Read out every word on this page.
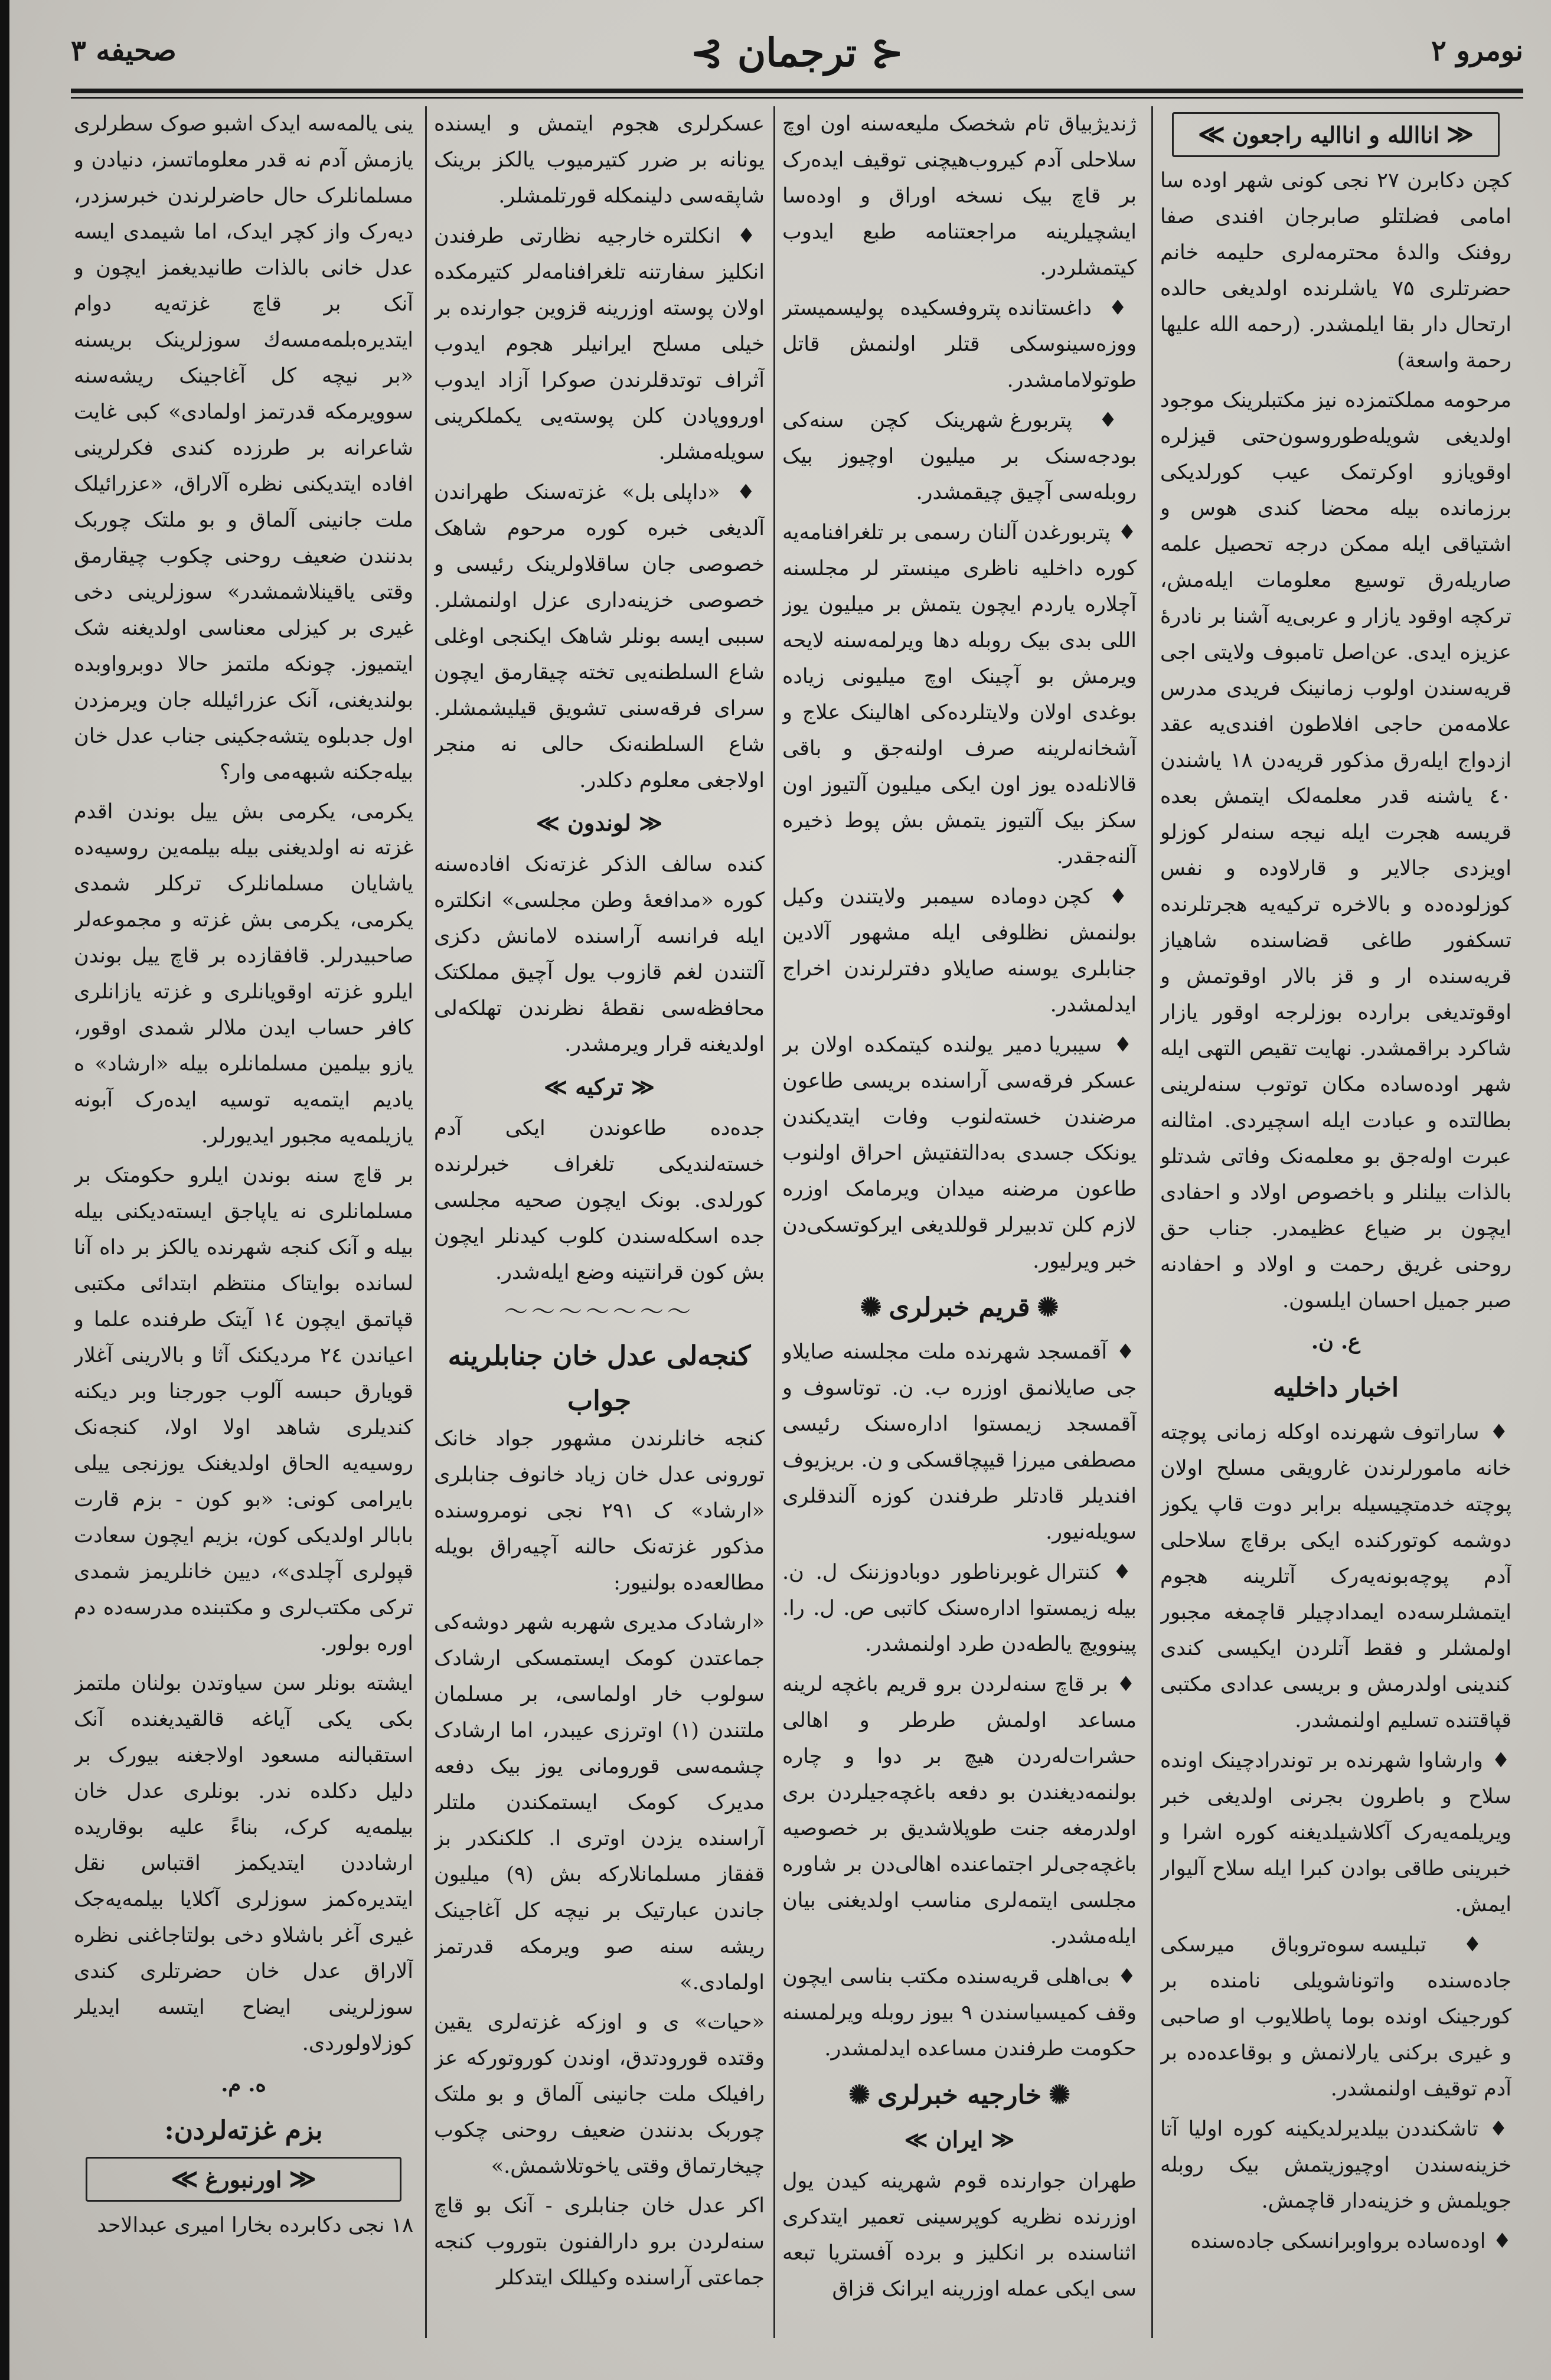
نومرو ۲
⊰
ترجمان
⊱
صحیفه ۳
≪اناالله و اناالیه راجعون≫

کچن دکابرن ۲۷ نجی کونی شهر اوده سا امامی فضلتلو صابرجان افندی صفا روفنک والدهٔ محترمه‌لری حلیمه خانم حضرتلری ۷۵ یاشلرنده اولدیغی حالده ارتحال دار بقا ایلمشدر. (رحمه الله علیها رحمة واسعة)

مرحومه مملکتمزده نیز مکتبلرینک موجود اولدیغی شویله‌طوروسون‌حتی قیزلره اوقویازو اوکرتمک عیب کورلدیکی برزمانده بیله محضا کندی هوس و اشتیاقی ایله ممکن درجه تحصیل علمه صاریلەرق توسیع معلومات ایلەمش، ترکچه اوقود یازار و عربی‌یه آشنا بر نادرهٔ عزیزه ایدی. عن‌اصل تامبوف ولایتی اجی قریه‌سندن اولوب زمانینک فریدی مدرس علامەمن حاجی افلاطون افندی‌یه عقد ازدواج ایله‌رق مذکور قریەدن ۱۸ یاشندن ٤٠ یاشنه قدر معلمەلک ایتمش بعده قریسه هجرت ایله نیجه سنه‌لر کوزلو اویزدی جالایر و قارلاوده و نفس کوزلوده‌ده و بالاخره ترکیه‌یه هجرتلرنده تسکفور طاغی قضاسنده شاهیاز قریه‌سنده ار و قز بالار اوقوتمش و اوقوتدیغی برارده بوزلرجه اوقور یازار شاکرد براقمشدر. نهایت تقیص التهی ایله شهر اوده‌ساده مکان توتوب سنەلرینی بطالتده و عبادت ایله اسچیردی. امثالنه عبرت اولەجق بو معلمه‌نک وفاتی شدتلو بالذات بیلنلر و باخصوص اولاد و احفادی ایچون بر ضیاع عظیمدر. جناب حق روحنی غریق رحمت و اولاد و احفادنه صبر جمیل احسان ایلسون.

ع. ن.
اخبار داخلیه

♦ ساراتوف شهرنده اوکله زمانی پوچته خانه مامورلرندن غارویقی مسلح اولان پوچته خدمتچیسیله برابر دوت قاپ یکوز دوشمه کوتورکنده ایکی برقاچ سلاحلی آدم پوچه‌بونه‌یەرک آتلرینه هجوم ایتمشلرسه‌ده ایمدادچیلر قاچمغه مجبور اولمشلر و فقط آتلردن ایکیسی کندی کندینی اولدرمش و بریسی عدادی مکتبی قپاقتنده تسلیم اولنمشدر.

♦ وارشاوا شهرنده بر توندرادچینک اونده سلاح و باطرون بجرنی اولدیغی خبر ویریلمه‌یەرک آکلاشیلدیغنه کوره اشرا و خبرینی طاقی بوادن کبرا ایله سلاح آلیوار ایمش.

♦ تبلیسه سوه‌تروباق میرسکی جاده‌سنده واتوناشویلی نامنده بر کورجینک اونده بوما پاطلایوب او صاحبی و غیری برکنی یارلانمش و بوقاعده‌ده بر آدم توقیف اولنمشدر.

♦ تاشکنددن بیلدیرلدیکینه کوره اولیا آتا خزینه‌سندن اوچیوزیتمش بیک روبله جویلمش و خزینه‌دار قاچمش.

♦ اوده‌ساده برواوبرانسکی جاده‌سنده

ژندیژبیاق تام شخصک ملیعه‌سنه اون اوچ سلاحلی آدم کیروب‌هیچنی توقیف ایده‌رک بر قاچ بیک نسخه اوراق و اوده‌سا ایشچیلرینه مراجعتنامه طبع ایدوب کیتمشلردر.

♦ داغستانده پتروفسکیده پولیسمیستر ووزه‌سینوسکی قتلر اولنمش قاتل طوتولامامشدر.

♦ پتربورغ شهرینک کچن سنه‌کی بودجه‌سنک بر میلیون اوچیوز بیک روبله‌سی آچیق چیقمشدر.

♦ پتربورغدن آلنان رسمی بر تلغرافنامه‌یه کوره داخلیه ناظری مینستر لر مجلسنه آچلاره یاردم ایچون یتمش بر میلیون یوز اللی بدی بیک روبله دها ویرلمه‌سنه لایحه ویرمش بو آچینک اوچ میلیونی زیاده بوغدی اولان ولایتلرده‌کی اهالینک علاج و آشخانه‌لرینه صرف اولنەجق و باقی قالانلەده یوز اون ایکی میلیون آلتیوز اون سکز بیک آلتیوز یتمش بش پوط ذخیره آلنه‌جقدر.

♦ کچن دوماده سیمبر ولایتندن وکیل بولنمش نظلوفی ایله مشهور آلادین جنابلری یوسنه صایلاو دفترلرندن اخراج ایدلمشدر.

♦ سیبریا دمیر یولنده کیتمکده اولان بر عسکر فرقه‌سی آراسنده بریسی طاعون مرضندن خسته‌لنوب وفات ایتدیکندن یونکک جسدی بەدالتفتیش احراق اولنوب طاعون مرضنه میدان ویرمامک اوزره لازم کلن تدبیرلر قوللدیغی ایرکوتسکی‌دن خبر ویرلیور.

✺قریم خبرلری✺

♦ آقمسجد شهرنده ملت مجلسنه صایلاو جی صایلانمق اوزره ب. ن. توتاسوف و آقمسجد زیمستوا اداره‌سنک رئیسی مصطفی میرزا قیپچاقسکی و ن. بریزیوف افندیلر قادتلر طرفندن کوزه آلندقلری سویله‌نیور.

♦ کنترال غوبرناطور دوبادوزننک ل. ن. بیله زیمستوا اداره‌سنک کاتبی ص. ل. را. پینوویچ یالطه‌دن طرد اولنمشدر.

♦ بر قاچ سنەلردن برو قریم باغچه لرینه مساعد اولمش طرطر و اهالی حشرات‌لەردن هیچ بر دوا و چاره بولنمه‌دیغندن بو دفعه باغچه‌جیلردن بری اولدرمغه جنت طوپلاشدیق بر خصوصیه باغچه‌جی‌لر اجتماعنده اهالی‌دن بر شاوره مجلسی ایتمه‌لری مناسب اولدیغنی بیان ایلەمشدر.

♦ بی‌اهلی قریه‌سنده مکتب بناسی ایچون وقف کمیسیاسندن ۹ بیوز روبله ویرلمسنه حکومت طرفندن مساعده ایدلمشدر.

✺خارجیه خبرلری✺
≪ ایران ≫

طهران جوارنده قوم شهرینه کیدن یول اوزرنده نظریه کوپرسینی تعمیر ایتدکری اثناسنده بر انکلیز و برده آفستریا تبعه سی ایکی عمله اوزرینه ایرانک قزاق

عسکرلری هجوم ایتمش و ایسنده یونانه بر ضرر کتیرمیوب یالکز برینک شاپقه‌سی دلینمکله قورتلمشلر.

♦ انکلتره خارجیه نظارتی طرفندن انکلیز سفارتنه تلغرافنامه‌لر کتیرمکده اولان پوسته اوزرینه قزوین جوارنده بر خیلی مسلح ایرانیلر هجوم ایدوب آثراف توتدقلرندن صوکرا آزاد ایدوب اورووپادن کلن پوسته‌یی یکملکرینی سویله‌مشلر.

♦ «داپلی بل» غزته‌سنک طهراندن آلدیغی خبره کوره مرحوم شاهک خصوصی جان ساقلاولرینک رئیسی و خصوصی خزینه‌داری عزل اولنمشلر. سببی ایسه بونلر شاهک ایکنجی اوغلی شاع السلطنه‌یی تخته چیقارمق ایچون سرای فرقه‌سنی تشویق قیلیشمشلر. شاع السلطنه‌نک حالی نه منجر اولاجغی معلوم دکلدر.

≪ لوندون ≫

کنده سالف الذکر غزته‌نک افاده‌سنه کوره «مدافعهٔ وطن مجلسی» انکلتره ایله فرانسه آراسنده لامانش دکزی آلتندن لغم قازوب یول آچیق مملکتک محافظه‌سی نقطهٔ نظرندن تهلکه‌لی اولدیغنه قرار ویرمشدر.

≪ ترکیه ≫

جده‌ده طاعوندن ایکی آدم خسته‌لندیکی تلغراف خبرلرنده کورلدی. بونک ایچون صحیه مجلسی جده اسکله‌سندن کلوب کیدنلر ایچون بش کون قرانتینه وضع ایله‌شدر.

〜〜〜〜〜〜〜
کنجه‌لی عدل خان جنابلرینه
جواب

کنجه خانلرندن مشهور جواد خانک تورونی عدل خان زیاد خانوف جنابلری «ارشاد» ک ۲۹۱ نجی نومروسنده مذکور غزته‌نک حالنه آچیه‌راق بویله مطالعه‌ده بولنیور:

«ارشادک مدیری شهربه شهر دوشه‌کی جماعتدن کومک ایستمسکی ارشادک سولوب خار اولماسی، بر مسلمان ملتندن (۱) اوترزی عیبدر، اما ارشادک چشمه‌سی قورومانی یوز بیک دفعه مدیرک کومک ایستمکندن ملتلر آراسنده یزدن اوتری ا. کلکنکدر بز قفقاز مسلمانلارکه بش (۹) میلیون جاندن عبارتیک بر نیچه کل آغاجینک ریشه سنه صو ویرمکه قدرتمز اولمادی.»

«حیات» ی و اوزکه غزته‌لری یقین وقتده قورودتدق، اوندن کوروتورکه عز رافیلک ملت جانینی آلماق و بو ملتک چوربک بدنندن ضعیف روحنی چکوب چیخارتماق وقتی یاخوتلاشمش.»

اکر عدل خان جنابلری - آنک بو قاچ سنەلردن برو دارالفنون بتوروب کنجه جماعتی آراسنده وکیللک ایتدکلر

ینی یالمه‌سه ایدک اشبو صوک سطرلری یازمش آدم نه قدر معلوماتسز، دنیادن و مسلمانلرک حال حاضرلرندن خبرسزدر، دیەرک واز کچر ایدک، اما شیمدی ایسه عدل خانی بالذات طانیدیغمز ایچون و آنک بر قاچ غزته‌یه دوام ایتدیرەبلمەمسەك سوزلرینک بریسنه «بر نیچه کل آغاجینک ریشه‌سنه سوویرمکه قدرتمز اولمادی» کبی غایت شاعرانه بر طرزده کندی فکرلرینی افاده ایتدیکنی نظره آلاراق، «عزرائیلک ملت جانینی آلماق و بو ملتک چوربک بدنندن ضعیف روحنی چکوب چیقارمق وقتی یاقینلاشمشدر» سوزلرینی دخی غیری بر کیزلی معناسی اولدیغنه شک ایتمیوز. چونکه ملتمز حالا دوبرواوبده بولندیغنی، آنک عزرائیلله جان ویرمزدن اول جدبلوه یتشه‌جکینی جناب عدل خان بیله‌جکنه شبهه‌می وار؟

یکرمی، یکرمی بش ییل بوندن اقدم غزته نه اولدیغنی بیله بیلمه‌ین روسیه‌ده یاشایان مسلمانلرک ترکلر شمدی یکرمی، یکرمی بش غزته و مجموعه‌لر صاحبیدرلر. قافقازده بر قاچ ییل بوندن ایلرو غزته اوقویانلری و غزته یازانلری کافر حساب ایدن ملالر شمدی اوقور، یازو بیلمین مسلمانلره بیله «ارشاد» ه یادیم ایتمه‌یه توسیه ایدەرک آبونه یازیلمه‌یه مجبور ایدیورلر.

بر قاچ سنه بوندن ایلرو حکومتک بر مسلمانلری نه یاپاجق ایستەدیکنی بیله بیله و آنک کنجه شهرنده یالکز بر داه آنا لسانده بوایتاک منتظم ابتدائی مکتبی قپاتمق ایچون ۱٤ آیتک طرفنده علما و اعیاندن ۲٤ مردیکنک آثا و بالارینی آغلار قویارق حبسه آلوب جورجنا وبر دیکنه کندیلری شاهد اولا اولا، کنجه‌نک روسیه‌یه الحاق اولدیغنک یوزنجی ییلی بایرامی کونی: «بو کون - بزم قارت بابالر اولدیکی کون، بزیم ایچون سعادت قپولری آچلدی»، دیین خانلریمز شمدی ترکی مکتب‌لری و مکتبنده مدرسه‌ده دم اورە بولور.

ایشته بونلر سن سیاوتدن بولنان ملتمز بکی یکی آیاغه قالقیدیغنده آنک استقبالنه مسعود اولاجغنه بیورک بر دلیل دکلده ندر. بونلری عدل خان بیلمه‌یه کرک، بناءً علیه بوقاریده ارشاددن ایتدیکمز اقتباس نقل ایتدیرەکمز سوزلری آکلایا بیلمه‌یەجک غیری آغر باشلاو دخی بولتاجاغنی نظره آلاراق عدل خان حضرتلری کندی سوزلرینی ایضاح ایتسه ایدیلر کوزلاولوردی.

ه. م.
بزم غزته‌لردن:
≪اورنبورغ≫

۱۸ نجی دکابرده بخارا امیری عبدالاحد
